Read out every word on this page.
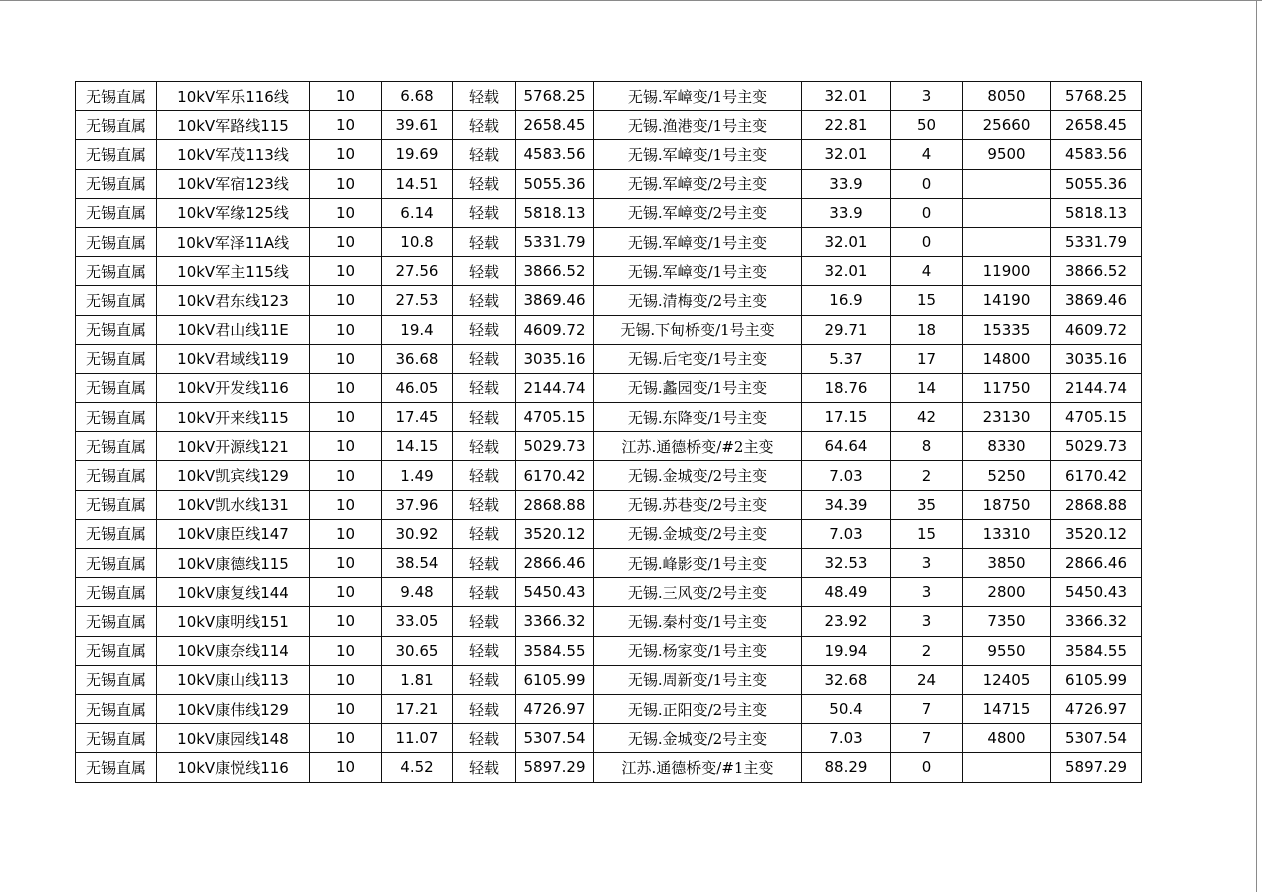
无锡直属	10kV军乐116线	10	6.68	轻载	5768.25	无锡.军嶂变/1号主变	32.01	3	8050	5768.25
无锡直属	10kV军路线115	10	39.61	轻载	2658.45	无锡.渔港变/1号主变	22.81	50	25660	2658.45
无锡直属	10kV军茂113线	10	19.69	轻载	4583.56	无锡.军嶂变/1号主变	32.01	4	9500	4583.56
无锡直属	10kV军宿123线	10	14.51	轻载	5055.36	无锡.军嶂变/2号主变	33.9	0		5055.36
无锡直属	10kV军缘125线	10	6.14	轻载	5818.13	无锡.军嶂变/2号主变	33.9	0		5818.13
无锡直属	10kV军泽11A线	10	10.8	轻载	5331.79	无锡.军嶂变/1号主变	32.01	0		5331.79
无锡直属	10kV军主115线	10	27.56	轻载	3866.52	无锡.军嶂变/1号主变	32.01	4	11900	3866.52
无锡直属	10kV君东线123	10	27.53	轻载	3869.46	无锡.清梅变/2号主变	16.9	15	14190	3869.46
无锡直属	10kV君山线11E	10	19.4	轻载	4609.72	无锡.下甸桥变/1号主变	29.71	18	15335	4609.72
无锡直属	10kV君域线119	10	36.68	轻载	3035.16	无锡.后宅变/1号主变	5.37	17	14800	3035.16
无锡直属	10kV开发线116	10	46.05	轻载	2144.74	无锡.蠡园变/1号主变	18.76	14	11750	2144.74
无锡直属	10kV开来线115	10	17.45	轻载	4705.15	无锡.东降变/1号主变	17.15	42	23130	4705.15
无锡直属	10kV开源线121	10	14.15	轻载	5029.73	江苏.通德桥变/#2主变	64.64	8	8330	5029.73
无锡直属	10kV凯宾线129	10	1.49	轻载	6170.42	无锡.金城变/2号主变	7.03	2	5250	6170.42
无锡直属	10kV凯水线131	10	37.96	轻载	2868.88	无锡.苏巷变/2号主变	34.39	35	18750	2868.88
无锡直属	10kV康臣线147	10	30.92	轻载	3520.12	无锡.金城变/2号主变	7.03	15	13310	3520.12
无锡直属	10kV康德线115	10	38.54	轻载	2866.46	无锡.峰影变/1号主变	32.53	3	3850	2866.46
无锡直属	10kV康复线144	10	9.48	轻载	5450.43	无锡.三风变/2号主变	48.49	3	2800	5450.43
无锡直属	10kV康明线151	10	33.05	轻载	3366.32	无锡.秦村变/1号主变	23.92	3	7350	3366.32
无锡直属	10kV康奈线114	10	30.65	轻载	3584.55	无锡.杨家变/1号主变	19.94	2	9550	3584.55
无锡直属	10kV康山线113	10	1.81	轻载	6105.99	无锡.周新变/1号主变	32.68	24	12405	6105.99
无锡直属	10kV康伟线129	10	17.21	轻载	4726.97	无锡.正阳变/2号主变	50.4	7	14715	4726.97
无锡直属	10kV康园线148	10	11.07	轻载	5307.54	无锡.金城变/2号主变	7.03	7	4800	5307.54
无锡直属	10kV康悦线116	10	4.52	轻载	5897.29	江苏.通德桥变/#1主变	88.29	0		5897.29
